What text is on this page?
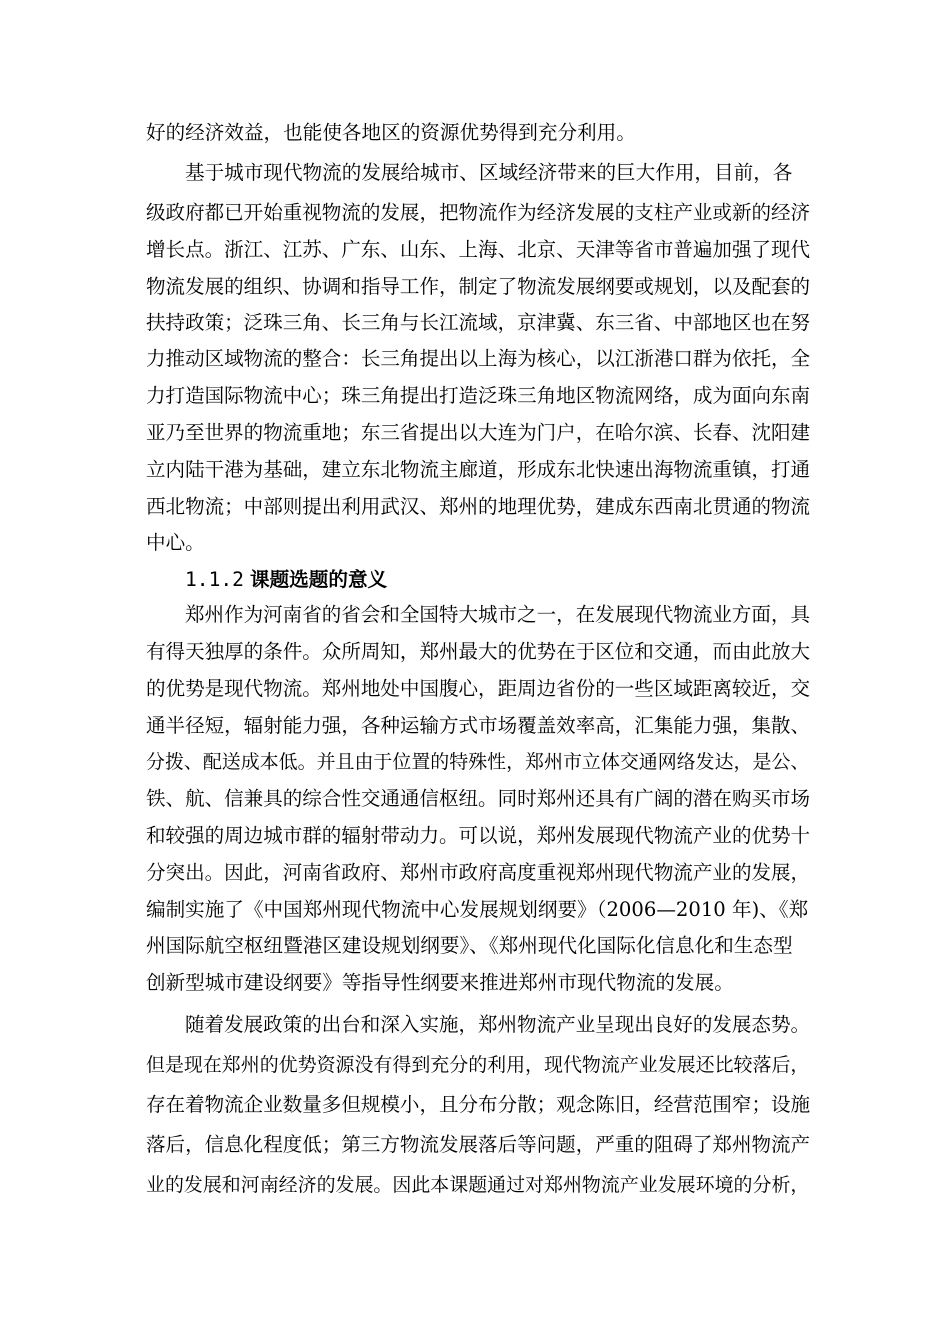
好的经济效益，也能使各地区的资源优势得到充分利用。
基于城市现代物流的发展给城市、区域经济带来的巨大作用，目前，各
级政府都已开始重视物流的发展，把物流作为经济发展的支柱产业或新的经济
增长点。浙江、江苏、广东、山东、上海、北京、天津等省市普遍加强了现代
物流发展的组织、协调和指导工作，制定了物流发展纲要或规划，以及配套的
扶持政策；泛珠三角、长三角与长江流域，京津冀、东三省、中部地区也在努
力推动区域物流的整合：长三角提出以上海为核心，以江浙港口群为依托，全
力打造国际物流中心；珠三角提出打造泛珠三角地区物流网络，成为面向东南
亚乃至世界的物流重地；东三省提出以大连为门户，在哈尔滨、长春、沈阳建
立内陆干港为基础，建立东北物流主廊道，形成东北快速出海物流重镇，打通
西北物流；中部则提出利用武汉、郑州的地理优势，建成东西南北贯通的物流
中心。
1.1.2 课题选题的意义
郑州作为河南省的省会和全国特大城市之一，在发展现代物流业方面，具
有得天独厚的条件。众所周知，郑州最大的优势在于区位和交通，而由此放大
的优势是现代物流。郑州地处中国腹心，距周边省份的一些区域距离较近，交
通半径短，辐射能力强，各种运输方式市场覆盖效率高，汇集能力强，集散、
分拨、配送成本低。并且由于位置的特殊性，郑州市立体交通网络发达，是公、
铁、航、信兼具的综合性交通通信枢纽。同时郑州还具有广阔的潜在购买市场
和较强的周边城市群的辐射带动力。可以说，郑州发展现代物流产业的优势十
分突出。因此，河南省政府、郑州市政府高度重视郑州现代物流产业的发展，
编制实施了《中国郑州现代物流中心发展规划纲要》（2006—2010 年)、《郑
州国际航空枢纽暨港区建设规划纲要》、《郑州现代化国际化信息化和生态型
创新型城市建设纲要》等指导性纲要来推进郑州市现代物流的发展。
随着发展政策的出台和深入实施，郑州物流产业呈现出良好的发展态势。
但是现在郑州的优势资源没有得到充分的利用，现代物流产业发展还比较落后，
存在着物流企业数量多但规模小，且分布分散；观念陈旧，经营范围窄；设施
落后，信息化程度低；第三方物流发展落后等问题，严重的阻碍了郑州物流产
业的发展和河南经济的发展。因此本课题通过对郑州物流产业发展环境的分析，
